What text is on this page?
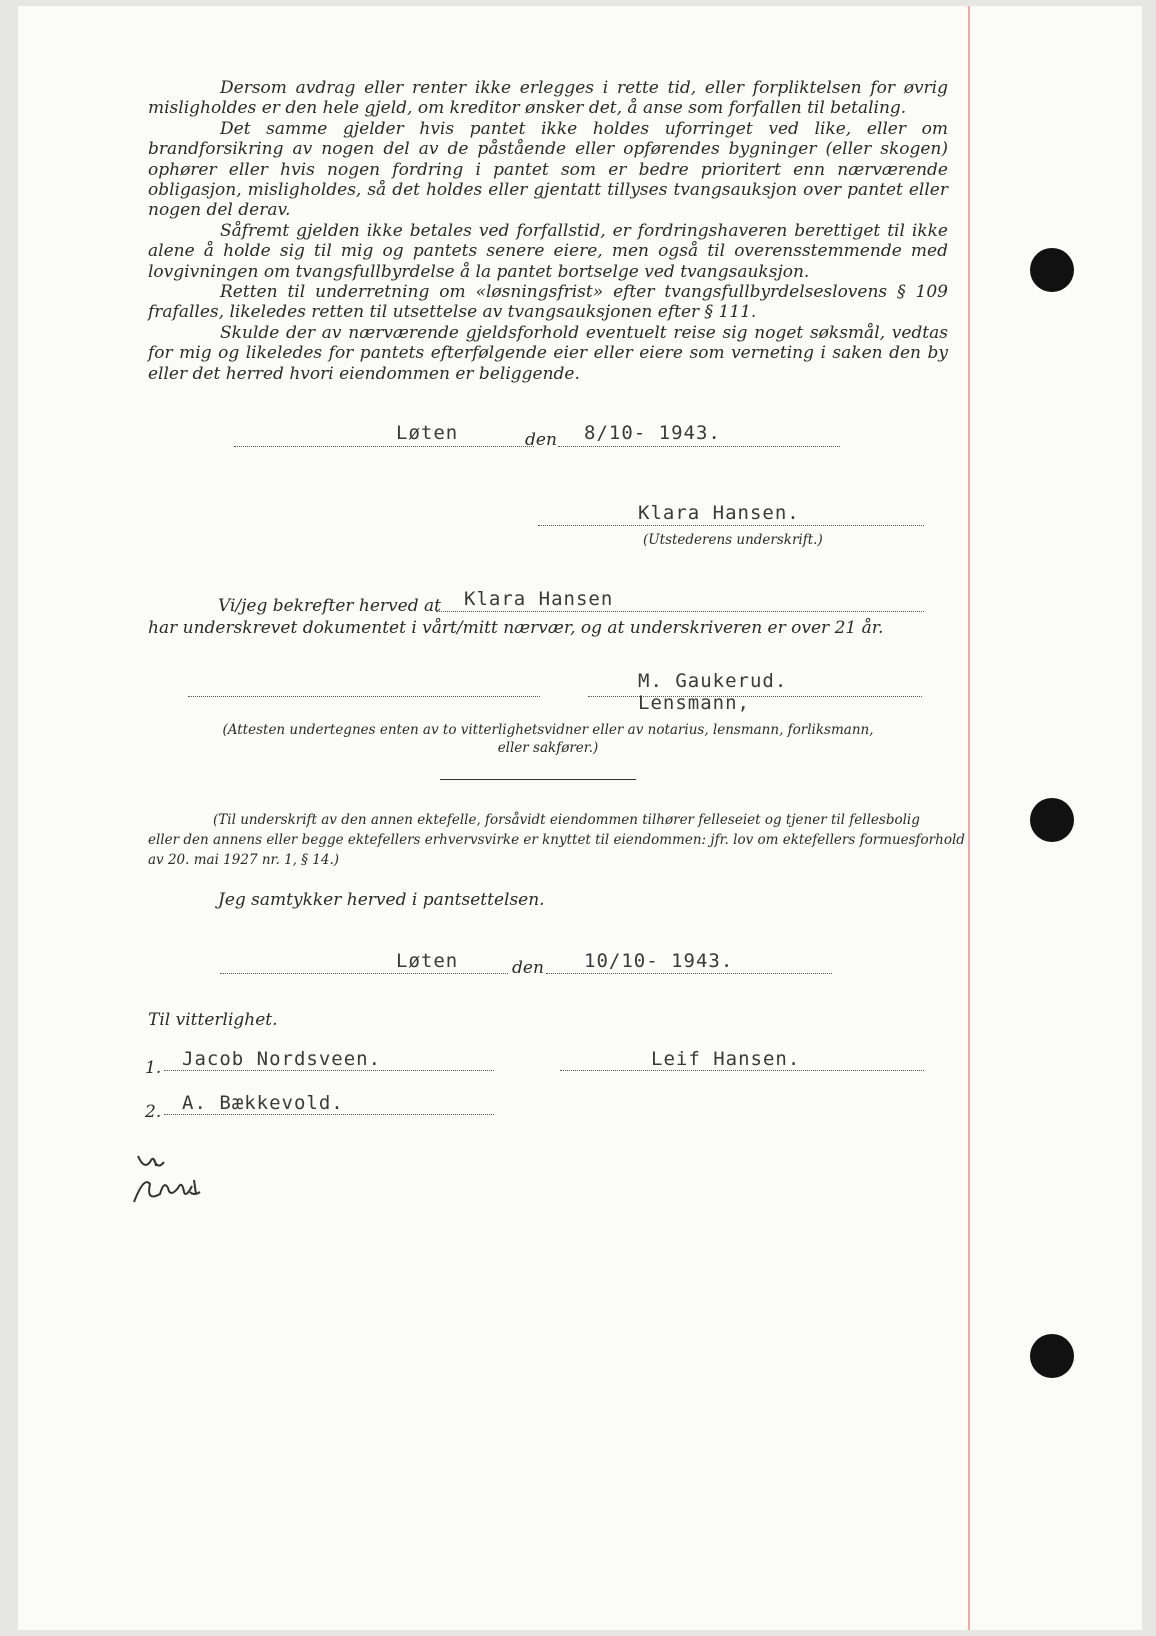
Dersom avdrag eller renter ikke erlegges i rette tid, eller forpliktelsen for øvrig misligholdes er den hele gjeld, om kreditor ønsker det, å anse som forfallen til betaling.

Det samme gjelder hvis pantet ikke holdes uforringet ved like, eller om brandforsikring av nogen del av de påstående eller opførendes bygninger (eller skogen) ophører eller hvis nogen fordring i pantet som er bedre prioritert enn nærværende obligasjon, misligholdes, så det holdes eller gjentatt tillyses tvangsauksjon over pantet eller nogen del derav.

Såfremt gjelden ikke betales ved forfallstid, er fordringshaveren berettiget til ikke alene å holde sig til mig og pantets senere eiere, men også til overensstemmende med lovgivningen om tvangsfullbyrdelse å la pantet bortselge ved tvangsauksjon.

Retten til underretning om «løsningsfrist» efter tvangsfullbyrdelseslovens § 109 frafalles, likeledes retten til utsettelse av tvangsauksjonen efter § 111.

Skulde der av nærværende gjeldsforhold eventuelt reise sig noget søksmål, vedtas for mig og likeledes for pantets efterfølgende eier eller eiere som verneting i saken den by eller det herred hvori eiendommen er beliggende.

Løten	den 8/10- 1943.
Klara Hansen.
(Utstederens underskrift.)
Vi/jeg bekrefter herved at Klara Hansen
har underskrevet dokumentet i vårt/mitt nærvær, og at underskriveren er over 21 år.
M. Gaukerud.
Lensmann,
(Attesten undertegnes enten av to vitterlighetsvidner eller av notarius, lensmann, forliksmann,
eller sakfører.)
(Til underskrift av den annen ektefelle, forsåvidt eiendommen tilhører felleseiet og tjener til fellesbolig
eller den annens eller begge ektefellers erhvervsvirke er knyttet til eiendommen: jfr. lov om ektefellers formuesforhold
av 20. mai 1927 nr. 1, § 14.)
Jeg samtykker herved i pantsettelsen.
Løten	den 10/10- 1943.
Til vitterlighet.
1. Jacob Nordsveen.	Leif Hansen.
2. A. Bækkevold.
